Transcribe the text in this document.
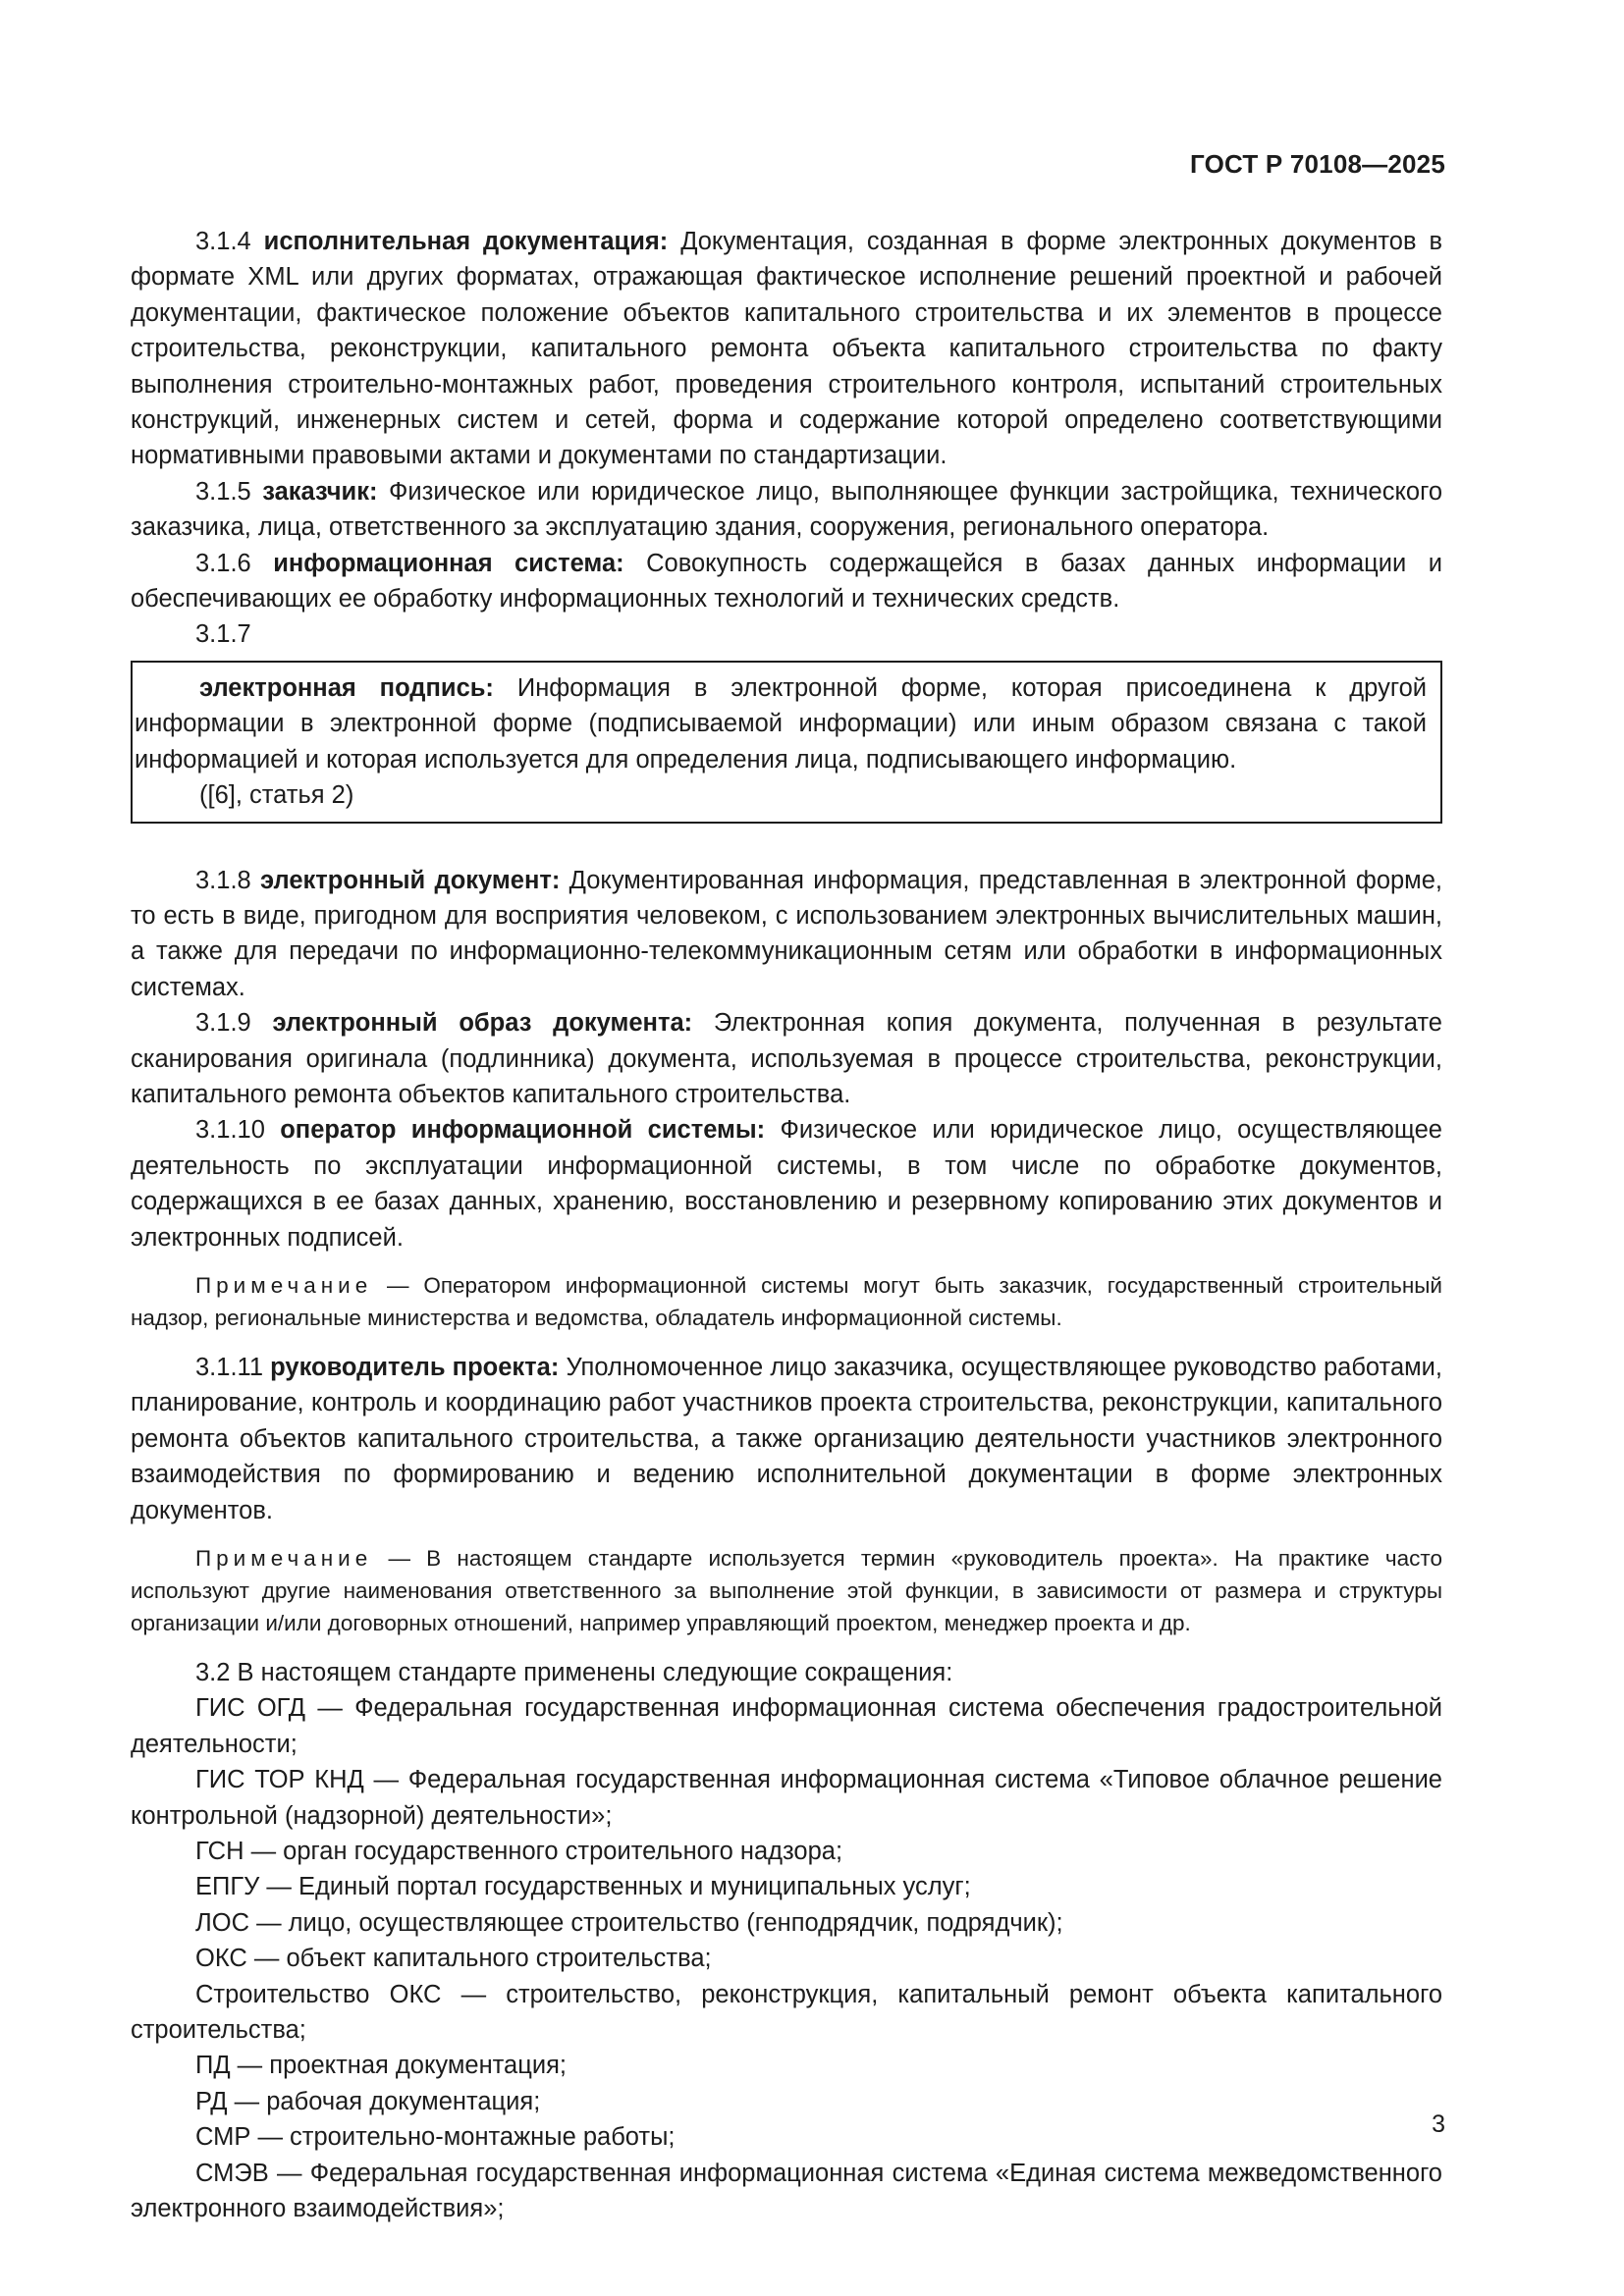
ГОСТ Р 70108—2025

3.1.4 исполнительная документация: Документация, созданная в форме электронных документов в формате XML или других форматах, отражающая фактическое исполнение решений проектной и рабочей документации, фактическое положение объектов капитального строительства и их элементов в процессе строительства, реконструкции, капитального ремонта объекта капитального строительства по факту выполнения строительно-монтажных работ, проведения строительного контроля, испытаний строительных конструкций, инженерных систем и сетей, форма и содержание которой определено соответствующими нормативными правовыми актами и документами по стандартизации.

3.1.5 заказчик: Физическое или юридическое лицо, выполняющее функции застройщика, технического заказчика, лица, ответственного за эксплуатацию здания, сооружения, регионального оператора.

3.1.6 информационная система: Совокупность содержащейся в базах данных информации и обеспечивающих ее обработку информационных технологий и технических средств.

3.1.7

электронная подпись: Информация в электронной форме, которая присоединена к другой информации в электронной форме (подписываемой информации) или иным образом связана с такой информацией и которая используется для определения лица, подписывающего информацию.

([6], статья 2)

3.1.8 электронный документ: Документированная информация, представленная в электронной форме, то есть в виде, пригодном для восприятия человеком, с использованием электронных вычислительных машин, а также для передачи по информационно-телекоммуникационным сетям или обработки в информационных системах.

3.1.9 электронный образ документа: Электронная копия документа, полученная в результате сканирования оригинала (подлинника) документа, используемая в процессе строительства, реконструкции, капитального ремонта объектов капитального строительства.

3.1.10 оператор информационной системы: Физическое или юридическое лицо, осуществляющее деятельность по эксплуатации информационной системы, в том числе по обработке документов, содержащихся в ее базах данных, хранению, восстановлению и резервному копированию этих документов и электронных подписей.

Примечание — Оператором информационной системы могут быть заказчик, государственный строительный надзор, региональные министерства и ведомства, обладатель информационной системы.

3.1.11 руководитель проекта: Уполномоченное лицо заказчика, осуществляющее руководство работами, планирование, контроль и координацию работ участников проекта строительства, реконструкции, капитального ремонта объектов капитального строительства, а также организацию деятельности участников электронного взаимодействия по формированию и ведению исполнительной документации в форме электронных документов.

Примечание — В настоящем стандарте используется термин «руководитель проекта». На практике часто используют другие наименования ответственного за выполнение этой функции, в зависимости от размера и структуры организации и/или договорных отношений, например управляющий проектом, менеджер проекта и др.

3.2 В настоящем стандарте применены следующие сокращения:

ГИС ОГД — Федеральная государственная информационная система обеспечения градостроительной деятельности;

ГИС ТОР КНД — Федеральная государственная информационная система «Типовое облачное решение контрольной (надзорной) деятельности»;

ГСН — орган государственного строительного надзора;

ЕПГУ — Единый портал государственных и муниципальных услуг;

ЛОС — лицо, осуществляющее строительство (генподрядчик, подрядчик);

ОКС — объект капитального строительства;

Строительство ОКС — строительство, реконструкция, капитальный ремонт объекта капитального строительства;

ПД — проектная документация;

РД — рабочая документация;

СМР — строительно-монтажные работы;

СМЭВ — Федеральная государственная информационная система «Единая система межведомственного электронного взаимодействия»;

3
